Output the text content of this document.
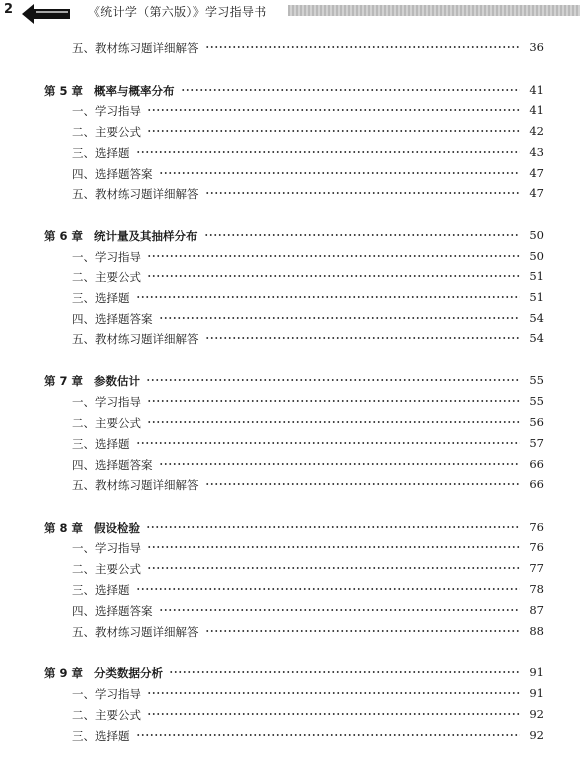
2	《统计学（第六版）》学习指导书
五、教材练习题详细解答	36
第 5 章 概率与概率分布	41
一、学习指导	41
二、主要公式	42
三、选择题	43
四、选择题答案	47
五、教材练习题详细解答	47
第 6 章 统计量及其抽样分布	50
一、学习指导	50
二、主要公式	51
三、选择题	51
四、选择题答案	54
五、教材练习题详细解答	54
第 7 章 参数估计	55
一、学习指导	55
二、主要公式	56
三、选择题	57
四、选择题答案	66
五、教材练习题详细解答	66
第 8 章 假设检验	76
一、学习指导	76
二、主要公式	77
三、选择题	78
四、选择题答案	87
五、教材练习题详细解答	88
第 9 章 分类数据分析	91
一、学习指导	91
二、主要公式	92
三、选择题	92
